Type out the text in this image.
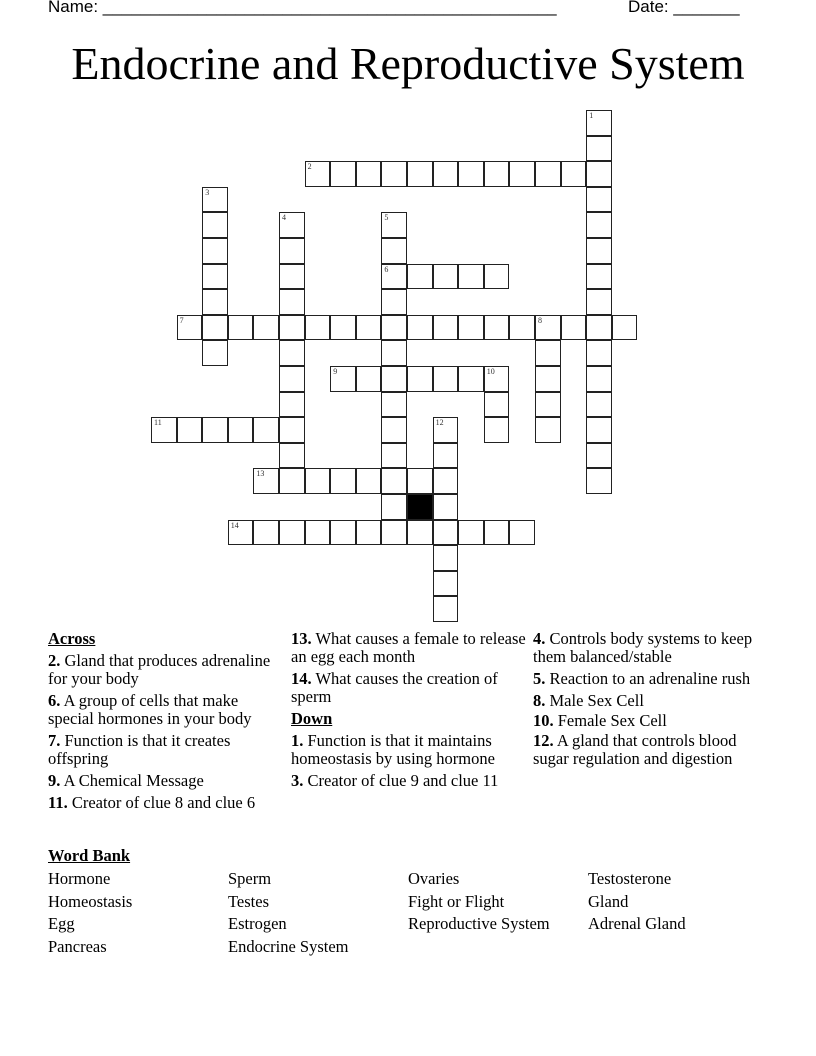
Name: ________________________________________________	Date: _______
Endocrine and Reproductive System
1
2
3
4	5
6
7	8
9	10
11	12
13
14
Across
2. Gland that produces adrenaline for your body
6. A group of cells that make special hormones in your body
7. Function is that it creates offspring
9. A Chemical Message
11. Creator of clue 8 and clue 6
13. What causes a female to release an egg each month
14. What causes the creation of sperm
Down
1. Function is that it maintains homeostasis by using hormone
3. Creator of clue 9 and clue 11
4. Controls body systems to keep them balanced/stable
5. Reaction to an adrenaline rush
8. Male Sex Cell
10. Female Sex Cell
12. A gland that controls blood sugar regulation and digestion
Word Bank
Hormone	Sperm	Ovaries	Testosterone
Homeostasis	Testes	Fight or Flight	Gland
Egg	Estrogen	Reproductive System	Adrenal Gland
Pancreas	Endocrine System
